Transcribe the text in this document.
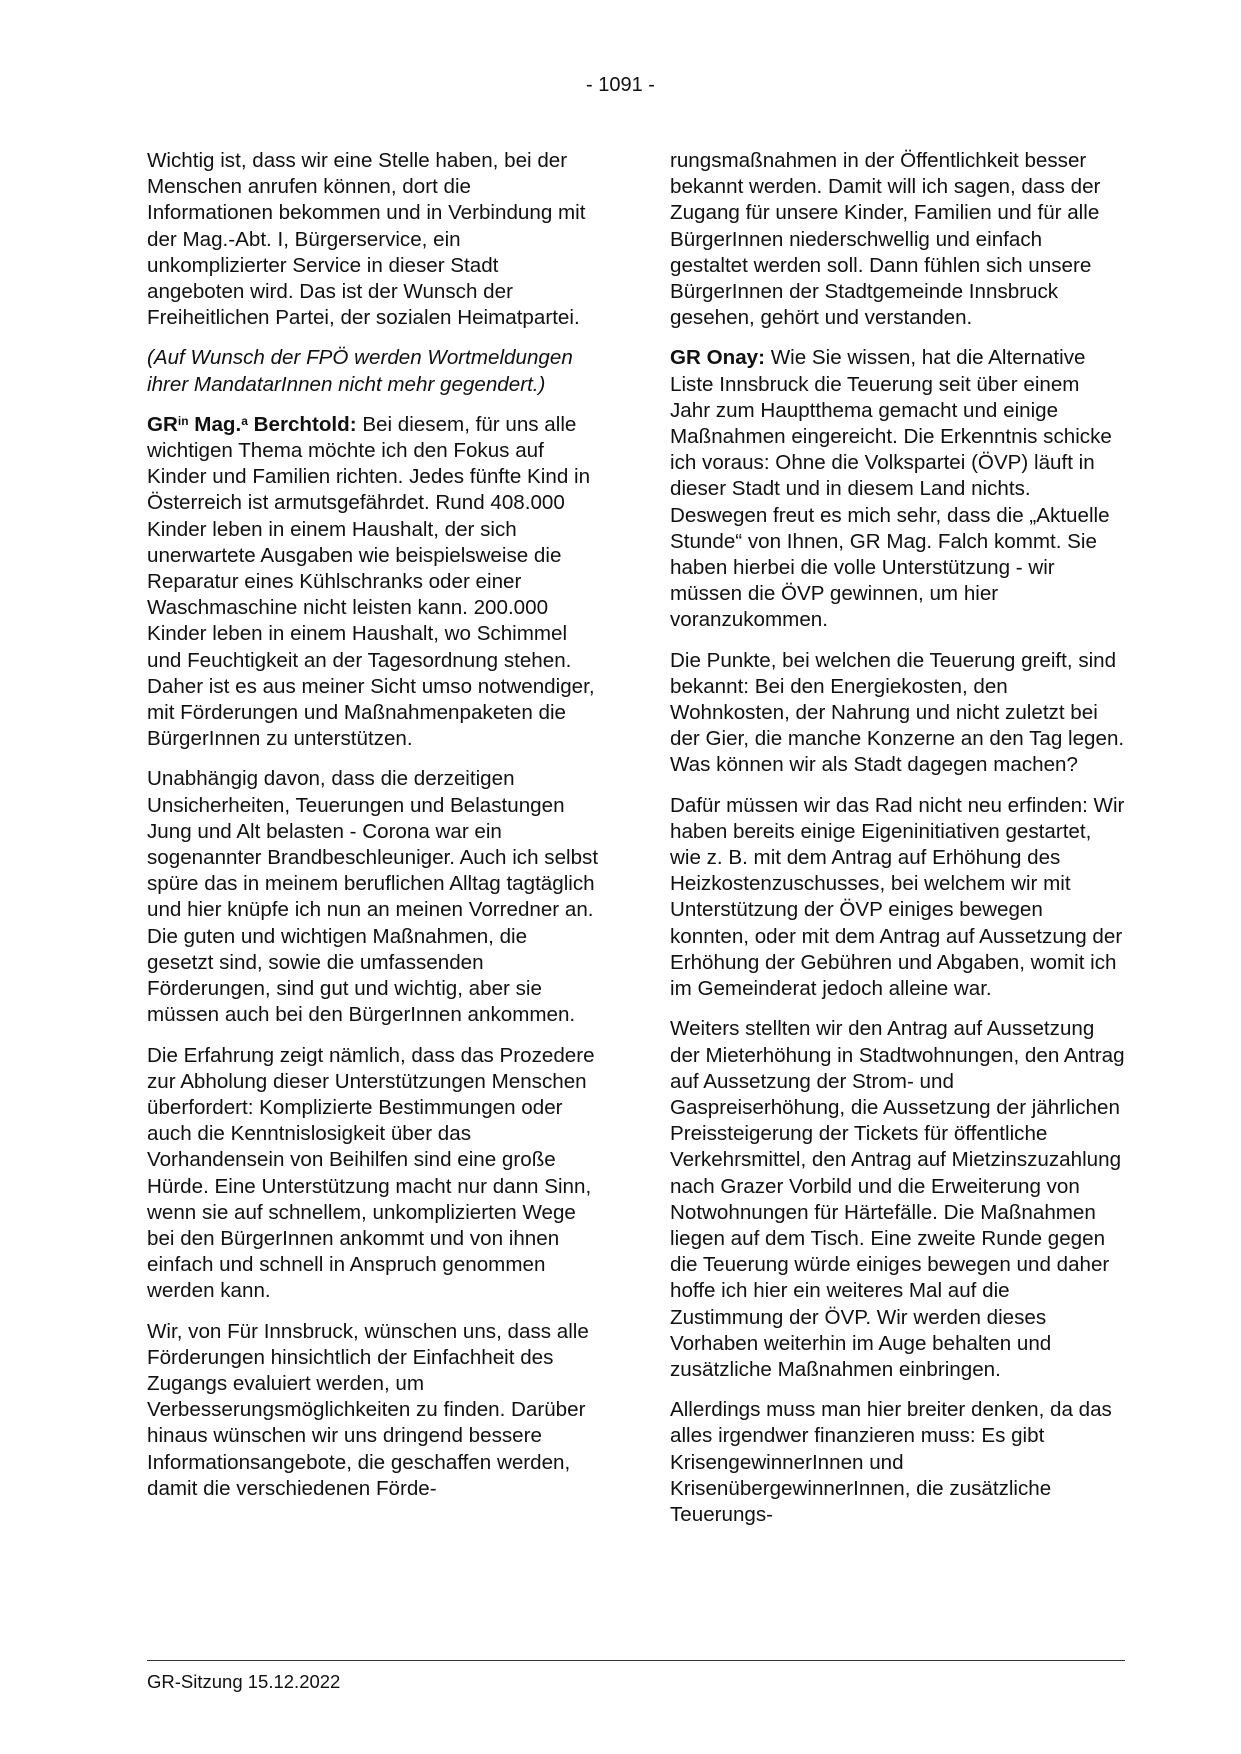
- 1091 -

Wichtig ist, dass wir eine Stelle haben, bei der Menschen anrufen können, dort die Informationen bekommen und in Verbindung mit der Mag.-Abt. I, Bürgerservice, ein unkomplizierter Service in dieser Stadt angeboten wird. Das ist der Wunsch der Freiheitlichen Partei, der sozialen Heimatpartei.

(Auf Wunsch der FPÖ werden Wortmeldungen ihrer MandatarInnen nicht mehr gegendert.)

$GR^{in}$ Mag.$^a$ Berchtold: Bei diesem, für uns alle wichtigen Thema möchte ich den Fokus auf Kinder und Familien richten. Jedes fünfte Kind in Österreich ist armutsgefährdet. Rund 408.000 Kinder leben in einem Haushalt, der sich unerwartete Ausgaben wie beispielsweise die Reparatur eines Kühlschranks oder einer Waschmaschine nicht leisten kann. 200.000 Kinder leben in einem Haushalt, wo Schimmel und Feuchtigkeit an der Tagesordnung stehen. Daher ist es aus meiner Sicht umso notwendiger, mit Förderungen und Maßnahmenpaketen die BürgerInnen zu unterstützen.

Unabhängig davon, dass die derzeitigen Unsicherheiten, Teuerungen und Belastungen Jung und Alt belasten - Corona war ein sogenannter Brandbeschleuniger. Auch ich selbst spüre das in meinem beruflichen Alltag tagtäglich und hier knüpfe ich nun an meinen Vorredner an. Die guten und wichtigen Maßnahmen, die gesetzt sind, sowie die umfassenden Förderungen, sind gut und wichtig, aber sie müssen auch bei den BürgerInnen ankommen.

Die Erfahrung zeigt nämlich, dass das Prozedere zur Abholung dieser Unterstützungen Menschen überfordert: Komplizierte Bestimmungen oder auch die Kenntnislosigkeit über das Vorhandensein von Beihilfen sind eine große Hürde. Eine Unterstützung macht nur dann Sinn, wenn sie auf schnellem, unkomplizierten Wege bei den BürgerInnen ankommt und von ihnen einfach und schnell in Anspruch genommen werden kann.

Wir, von Für Innsbruck, wünschen uns, dass alle Förderungen hinsichtlich der Einfachheit des Zugangs evaluiert werden, um Verbesserungsmöglichkeiten zu finden. Darüber hinaus wünschen wir uns dringend bessere Informationsangebote, die geschaffen werden, damit die verschiedenen Förde-

rungsmaßnahmen in der Öffentlichkeit besser bekannt werden. Damit will ich sagen, dass der Zugang für unsere Kinder, Familien und für alle BürgerInnen niederschwellig und einfach gestaltet werden soll. Dann fühlen sich unsere BürgerInnen der Stadtgemeinde Innsbruck gesehen, gehört und verstanden.

GR Onay: Wie Sie wissen, hat die Alternative Liste Innsbruck die Teuerung seit über einem Jahr zum Hauptthema gemacht und einige Maßnahmen eingereicht. Die Erkenntnis schicke ich voraus: Ohne die Volkspartei (ÖVP) läuft in dieser Stadt und in diesem Land nichts. Deswegen freut es mich sehr, dass die „Aktuelle Stunde“ von Ihnen, GR Mag. Falch kommt. Sie haben hierbei die volle Unterstützung - wir müssen die ÖVP gewinnen, um hier voranzukommen.

Die Punkte, bei welchen die Teuerung greift, sind bekannt: Bei den Energiekosten, den Wohnkosten, der Nahrung und nicht zuletzt bei der Gier, die manche Konzerne an den Tag legen. Was können wir als Stadt dagegen machen?

Dafür müssen wir das Rad nicht neu erfinden: Wir haben bereits einige Eigeninitiativen gestartet, wie z. B. mit dem Antrag auf Erhöhung des Heizkostenzuschusses, bei welchem wir mit Unterstützung der ÖVP einiges bewegen konnten, oder mit dem Antrag auf Aussetzung der Erhöhung der Gebühren und Abgaben, womit ich im Gemeinderat jedoch alleine war.

Weiters stellten wir den Antrag auf Aussetzung der Mieterhöhung in Stadtwohnungen, den Antrag auf Aussetzung der Strom- und Gaspreiserhöhung, die Aussetzung der jährlichen Preissteigerung der Tickets für öffentliche Verkehrsmittel, den Antrag auf Mietzinszuzahlung nach Grazer Vorbild und die Erweiterung von Notwohnungen für Härtefälle. Die Maßnahmen liegen auf dem Tisch. Eine zweite Runde gegen die Teuerung würde einiges bewegen und daher hoffe ich hier ein weiteres Mal auf die Zustimmung der ÖVP. Wir werden dieses Vorhaben weiterhin im Auge behalten und zusätzliche Maßnahmen einbringen.

Allerdings muss man hier breiter denken, da das alles irgendwer finanzieren muss: Es gibt KrisengewinnerInnen und KrisenübergewinnerInnen, die zusätzliche Teuerungs-

GR-Sitzung 15.12.2022
